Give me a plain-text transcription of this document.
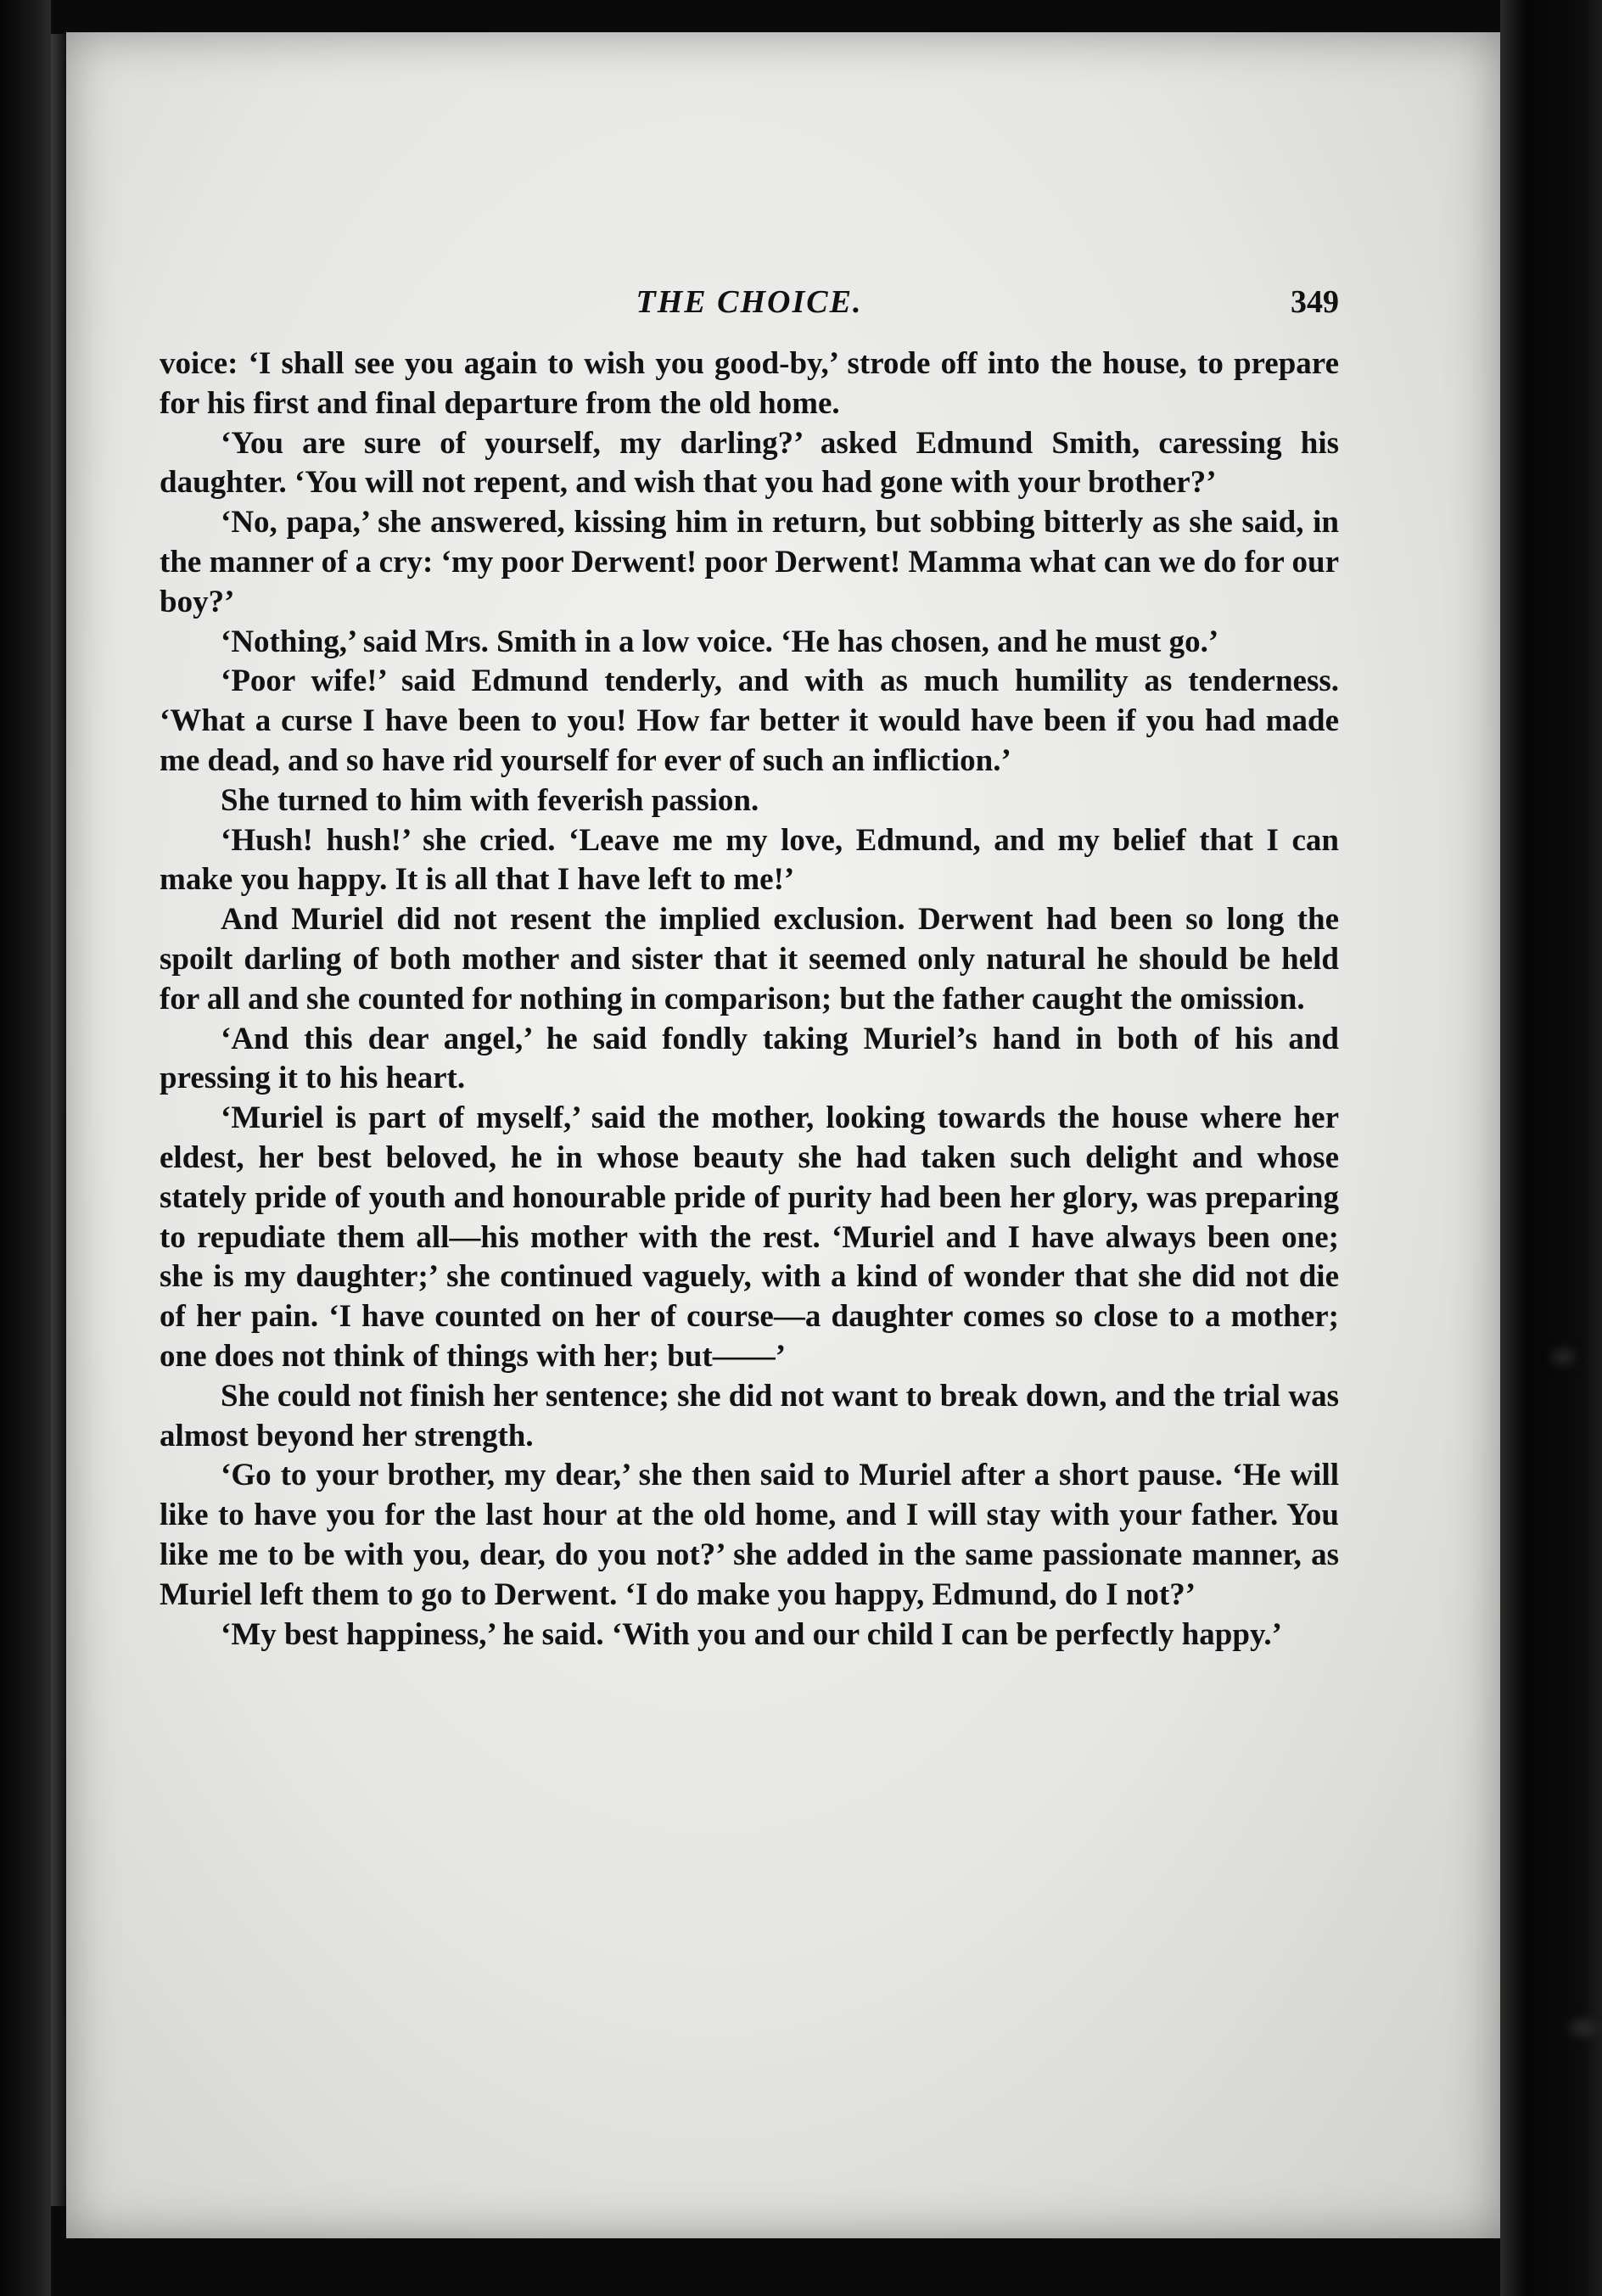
THE CHOICE.	349

voice: ‘I shall see you again to wish you good-by,’ strode off into the house, to prepare for his first and final departure from the old home.

‘You are sure of yourself, my darling?’ asked Edmund Smith, caressing his daughter. ‘You will not repent, and wish that you had gone with your brother?’

‘No, papa,’ she answered, kissing him in return, but sobbing bitterly as she said, in the manner of a cry: ‘my poor Derwent! poor Derwent! Mamma what can we do for our boy?’

‘Nothing,’ said Mrs. Smith in a low voice. ‘He has chosen, and he must go.’

‘Poor wife!’ said Edmund tenderly, and with as much humility as tenderness. ‘What a curse I have been to you! How far better it would have been if you had made me dead, and so have rid yourself for ever of such an infliction.’

She turned to him with feverish passion.

‘Hush! hush!’ she cried. ‘Leave me my love, Edmund, and my belief that I can make you happy. It is all that I have left to me!’

And Muriel did not resent the implied exclusion. Derwent had been so long the spoilt darling of both mother and sister that it seemed only natural he should be held for all and she counted for nothing in comparison; but the father caught the omission.

‘And this dear angel,’ he said fondly taking Muriel’s hand in both of his and pressing it to his heart.

‘Muriel is part of myself,’ said the mother, looking towards the house where her eldest, her best beloved, he in whose beauty she had taken such delight and whose stately pride of youth and honourable pride of purity had been her glory, was preparing to repudiate them all—his mother with the rest. ‘Muriel and I have always been one; she is my daughter;’ she continued vaguely, with a kind of wonder that she did not die of her pain. ‘I have counted on her of course—a daughter comes so close to a mother; one does not think of things with her; but——’

She could not finish her sentence; she did not want to break down, and the trial was almost beyond her strength.

‘Go to your brother, my dear,’ she then said to Muriel after a short pause. ‘He will like to have you for the last hour at the old home, and I will stay with your father. You like me to be with you, dear, do you not?’ she added in the same passionate manner, as Muriel left them to go to Derwent. ‘I do make you happy, Edmund, do I not?’

‘My best happiness,’ he said. ‘With you and our child I can be perfectly happy.’
